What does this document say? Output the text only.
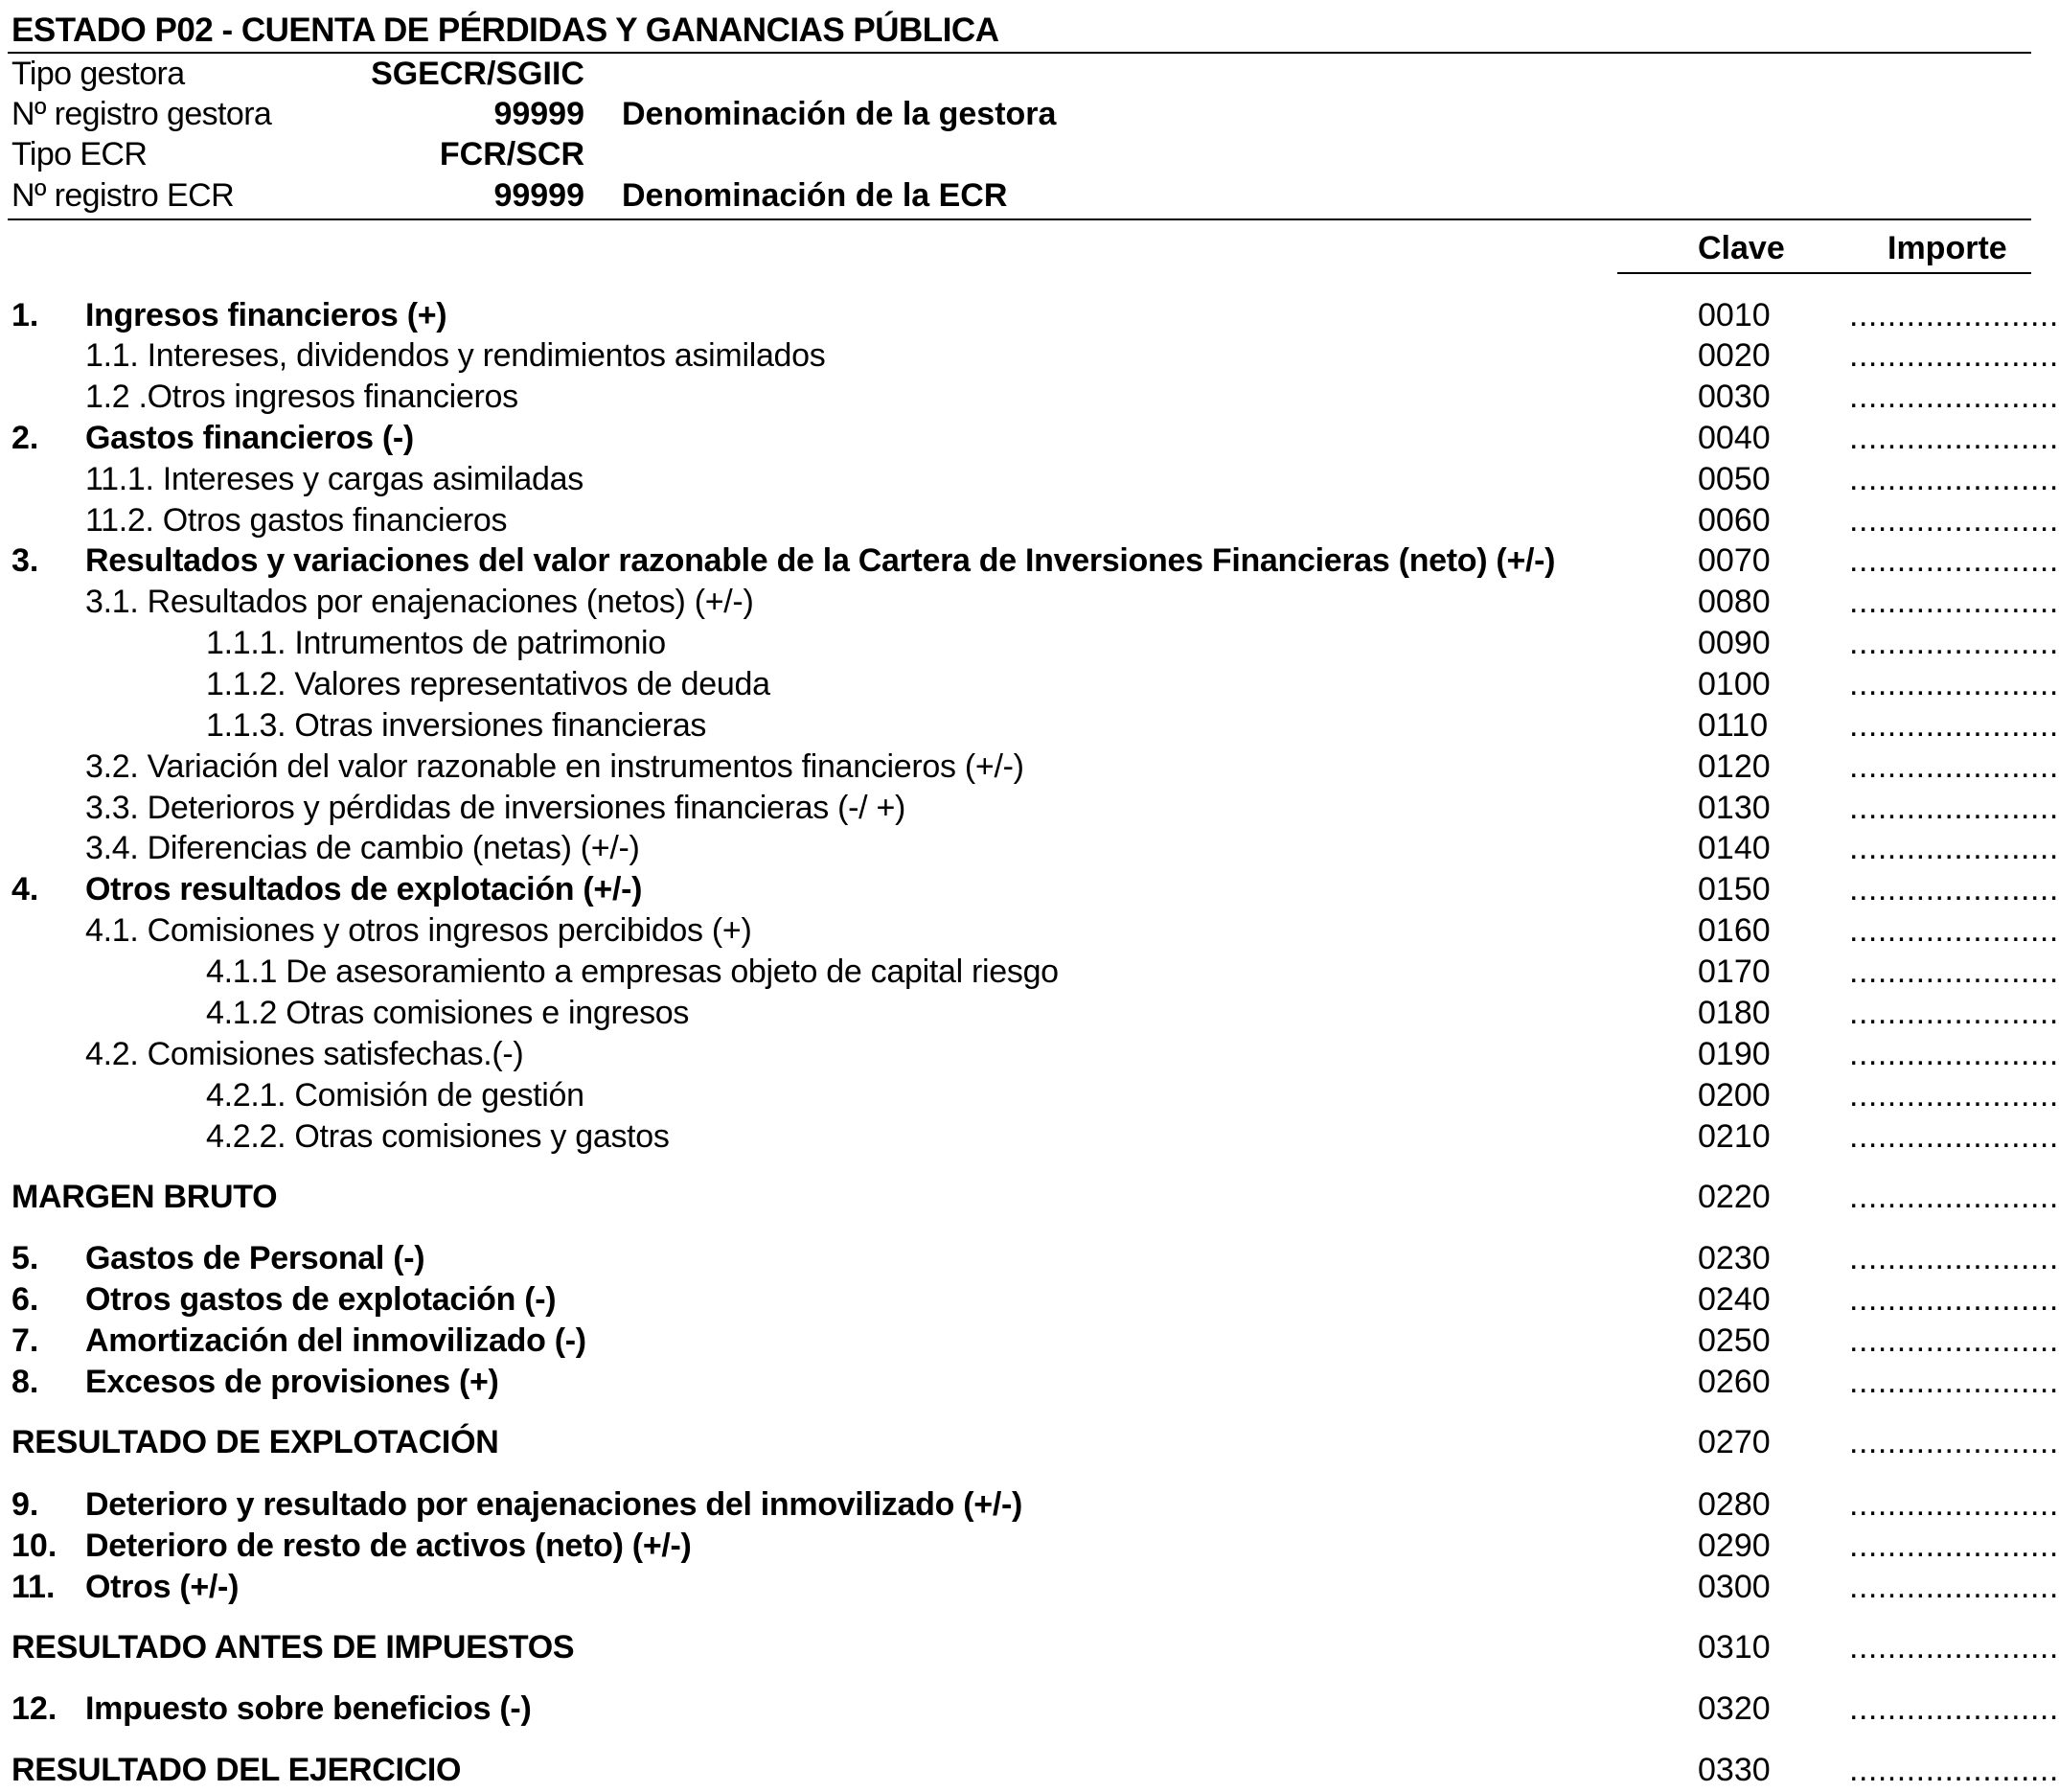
ESTADO P02 - CUENTA DE PÉRDIDAS Y GANANCIAS PÚBLICA
Tipo gestora	SGECR/SGIIC
Nº registro gestora	99999 Denominación de la gestora
Tipo ECR	FCR/SCR
Nº registro ECR	99999 Denominación de la ECR
Clave	Importe
1. Ingresos financieros (+)	0010 ......................
1.1. Intereses, dividendos y rendimientos asimilados	0020 ......................
1.2 .Otros ingresos financieros	0030 ......................
2. Gastos financieros (-)	0040 ......................
11.1. Intereses y cargas asimiladas	0050 ......................
11.2. Otros gastos financieros	0060 ......................
3. Resultados y variaciones del valor razonable de la Cartera de Inversiones Financieras (neto) (+/-)	0070 ......................
3.1. Resultados por enajenaciones (netos) (+/-)	0080 ......................
1.1.1. Intrumentos de patrimonio	0090 ......................
1.1.2. Valores representativos de deuda	0100 ......................
1.1.3. Otras inversiones financieras	0110 ......................
3.2. Variación del valor razonable en instrumentos financieros (+/-)	0120 ......................
3.3. Deterioros y pérdidas de inversiones financieras (-/ +)	0130 ......................
3.4. Diferencias de cambio (netas) (+/-)	0140 ......................
4. Otros resultados de explotación (+/-)	0150 ......................
4.1. Comisiones y otros ingresos percibidos (+)	0160 ......................
4.1.1 De asesoramiento a empresas objeto de capital riesgo	0170 ......................
4.1.2 Otras comisiones e ingresos	0180 ......................
4.2. Comisiones satisfechas.(-)	0190 ......................
4.2.1. Comisión de gestión	0200 ......................
4.2.2. Otras comisiones y gastos	0210 ......................
MARGEN BRUTO	0220 ......................
5. Gastos de Personal (-)	0230 ......................
6. Otros gastos de explotación (-)	0240 ......................
7. Amortización del inmovilizado (-)	0250 ......................
8. Excesos de provisiones (+)	0260 ......................
RESULTADO DE EXPLOTACIÓN	0270 ......................
9. Deterioro y resultado por enajenaciones del inmovilizado (+/-)	0280 ......................
10. Deterioro de resto de activos (neto) (+/-)	0290 ......................
11. Otros (+/-)	0300 ......................
RESULTADO ANTES DE IMPUESTOS	0310 ......................
12. Impuesto sobre beneficios (-)	0320 ......................
RESULTADO DEL EJERCICIO	0330 ......................
